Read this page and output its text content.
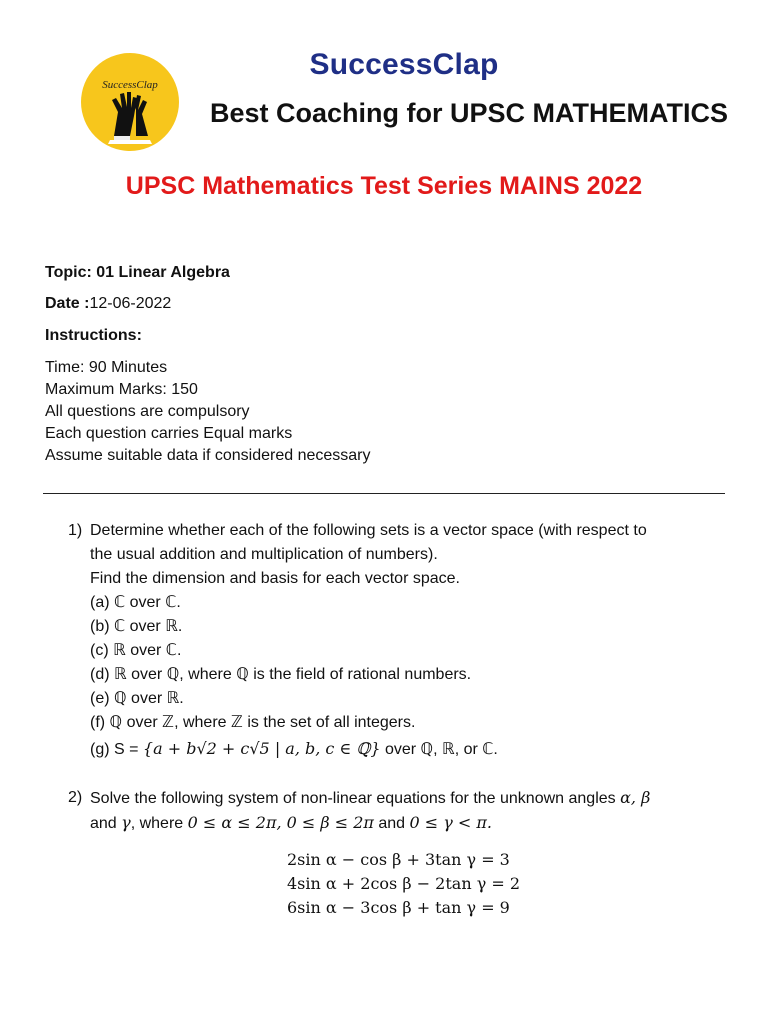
SuccessClap
SuccessClap
Best Coaching for UPSC MATHEMATICS
UPSC Mathematics Test Series MAINS 2022
Topic: 01 Linear Algebra
Date :12-06-2022
Instructions:
Time: 90 Minutes
Maximum Marks: 150
All questions are compulsory
Each question carries Equal marks
Assume suitable data if considered necessary
1) Determine whether each of the following sets is a vector space (with respect to
the usual addition and multiplication of numbers).
Find the dimension and basis for each vector space.
(a) ℂ over ℂ.
(b) ℂ over ℝ.
(c) ℝ over ℂ.
(d) ℝ over ℚ, where ℚ is the field of rational numbers.
(e) ℚ over ℝ.
(f) ℚ over ℤ, where ℤ is the set of all integers.
(g) S = {a + b√2 + c√5 | a, b, c ∈ ℚ} over ℚ, ℝ, or ℂ.
2) Solve the following system of non-linear equations for the unknown angles α, β
and γ, where 0 ≤ α ≤ 2π, 0 ≤ β ≤ 2π and 0 ≤ γ < π.
2sin α − cos β + 3tan γ = 3
4sin α + 2cos β − 2tan γ = 2
6sin α − 3cos β + tan γ = 9
